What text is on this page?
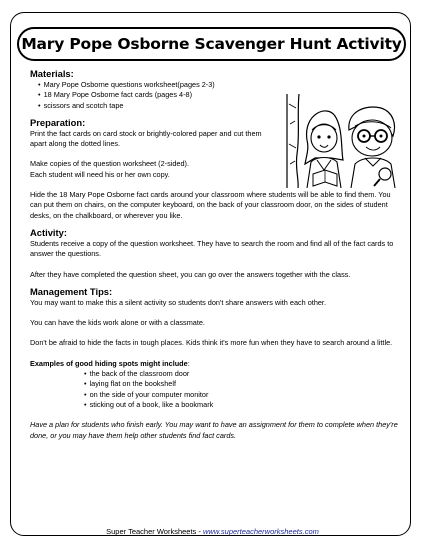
Mary Pope Osborne Scavenger Hunt Activity
Materials:
• Mary Pope Osborne questions worksheet(pages 2-3)
• 18 Mary Pope Osborne fact cards (pages 4-8)
• scissors and scotch tape
Preparation:

Print the fact cards on card stock or brightly-colored paper and cut them apart along the dotted lines.

Make copies of the question worksheet (2-sided).

Each student will need his or her own copy.

Hide the 18 Mary Pope Osborne fact cards around your classroom where students will be able to find them. You can put them on chairs, on the computer keyboard, on the back of your classroom door, on the sides of student desks, on the chalkboard, or wherever you like.

Activity:

Students receive a copy of the question worksheet. They have to search the room and find all of the fact cards to answer the questions.

After they have completed the question sheet, you can go over the answers together with the class.

Management Tips:

You may want to make this a silent activity so students don't share answers with each other.

You can have the kids work alone or with a classmate.

Don't be afraid to hide the facts in tough places. Kids think it's more fun when they have to search around a little.

Examples of good hiding spots might include:

• the back of the classroom door
• laying flat on the bookshelf
• on the side of your computer monitor
• sticking out of a book, like a bookmark

Have a plan for students who finish early. You may want to have an assignment for them to complete when they're done, or you may have them help other students find fact cards.

Super Teacher Worksheets - www.superteacherworksheets.com
